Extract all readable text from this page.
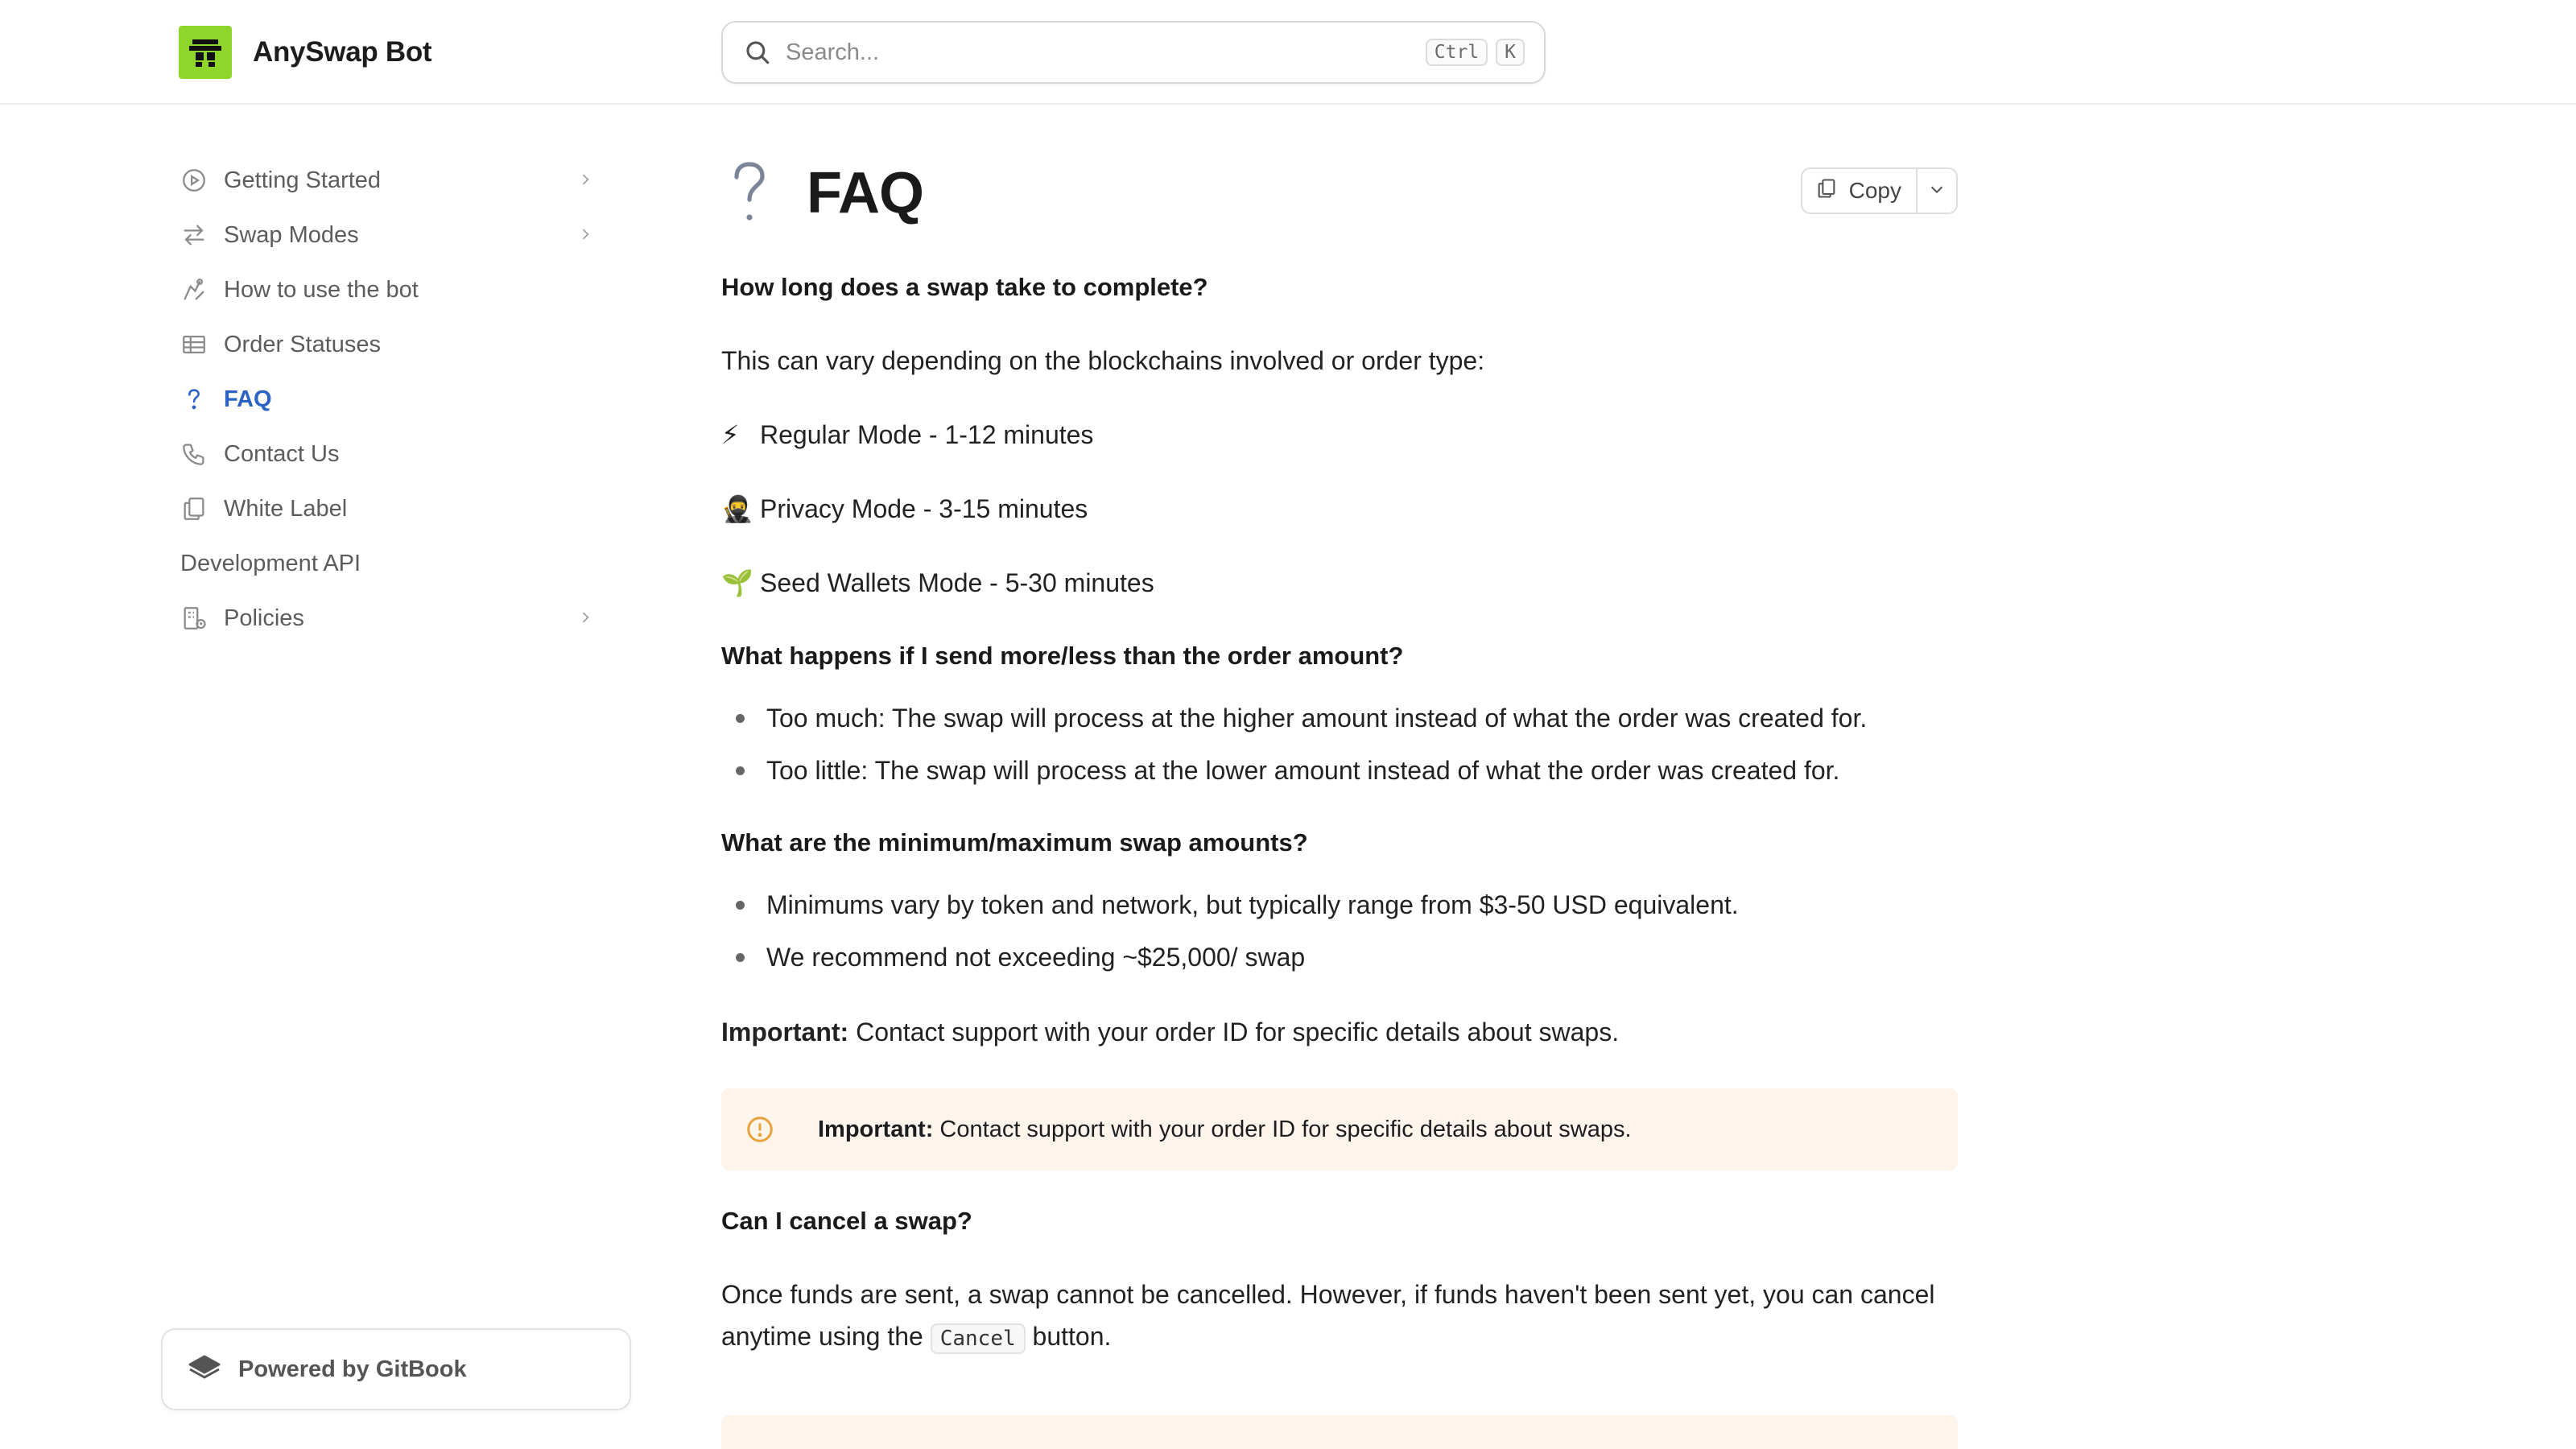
AnySwap Bot	Search...	Ctrl	K
Getting Started
Swap Modes
How to use the bot
Order Statuses
FAQ
Contact Us
White Label
Development API
Policies
Powered by GitBook
FAQ	Copy
How long does a swap take to complete?
This can vary depending on the blockchains involved or order type:
⚡ Regular Mode - 1-12 minutes
🥷 Privacy Mode - 3-15 minutes
🌱 Seed Wallets Mode - 5-30 minutes
What happens if I send more/less than the order amount?
Too much: The swap will process at the higher amount instead of what the order was created for.
Too little: The swap will process at the lower amount instead of what the order was created for.
What are the minimum/maximum swap amounts?
Minimums vary by token and network, but typically range from $3-50 USD equivalent.
We recommend not exceeding ~$25,000/ swap
Important: Contact support with your order ID for specific details about swaps.
Important: Contact support with your order ID for specific details about swaps.
Can I cancel a swap?
Once funds are sent, a swap cannot be cancelled. However, if funds haven't been sent yet, you can cancel anytime using the Cancel button.
